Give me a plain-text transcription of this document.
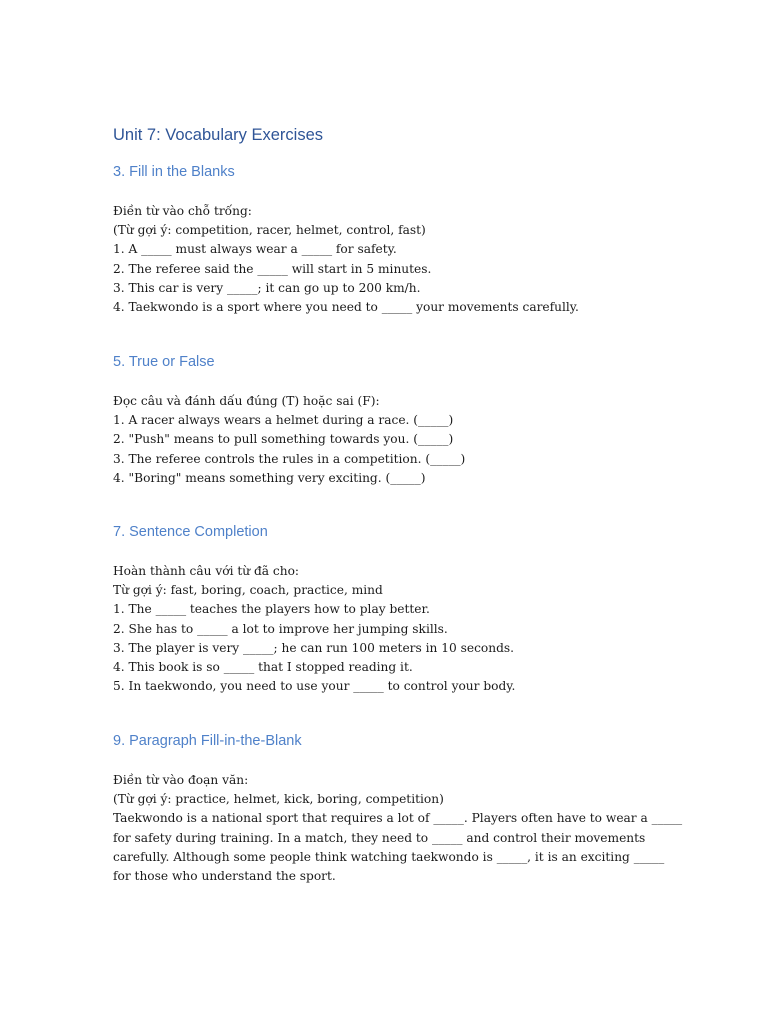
Unit 7: Vocabulary Exercises
3. Fill in the Blanks

Điền từ vào chỗ trống:

(Từ gợi ý: competition, racer, helmet, control, fast)

1. A _____ must always wear a _____ for safety.

2. The referee said the _____ will start in 5 minutes.

3. This car is very _____; it can go up to 200 km/h.

4. Taekwondo is a sport where you need to _____ your movements carefully.

5. True or False

Đọc câu và đánh dấu đúng (T) hoặc sai (F):

1. A racer always wears a helmet during a race. (_____)

2. "Push" means to pull something towards you. (_____)

3. The referee controls the rules in a competition. (_____)

4. "Boring" means something very exciting. (_____)

7. Sentence Completion

Hoàn thành câu với từ đã cho:

Từ gợi ý: fast, boring, coach, practice, mind

1. The _____ teaches the players how to play better.

2. She has to _____ a lot to improve her jumping skills.

3. The player is very _____; he can run 100 meters in 10 seconds.

4. This book is so _____ that I stopped reading it.

5. In taekwondo, you need to use your _____ to control your body.

9. Paragraph Fill-in-the-Blank

Điền từ vào đoạn văn:

(Từ gợi ý: practice, helmet, kick, boring, competition)

Taekwondo is a national sport that requires a lot of _____. Players often have to wear a _____

for safety during training. In a match, they need to _____ and control their movements

carefully. Although some people think watching taekwondo is _____, it is an exciting _____

for those who understand the sport.
